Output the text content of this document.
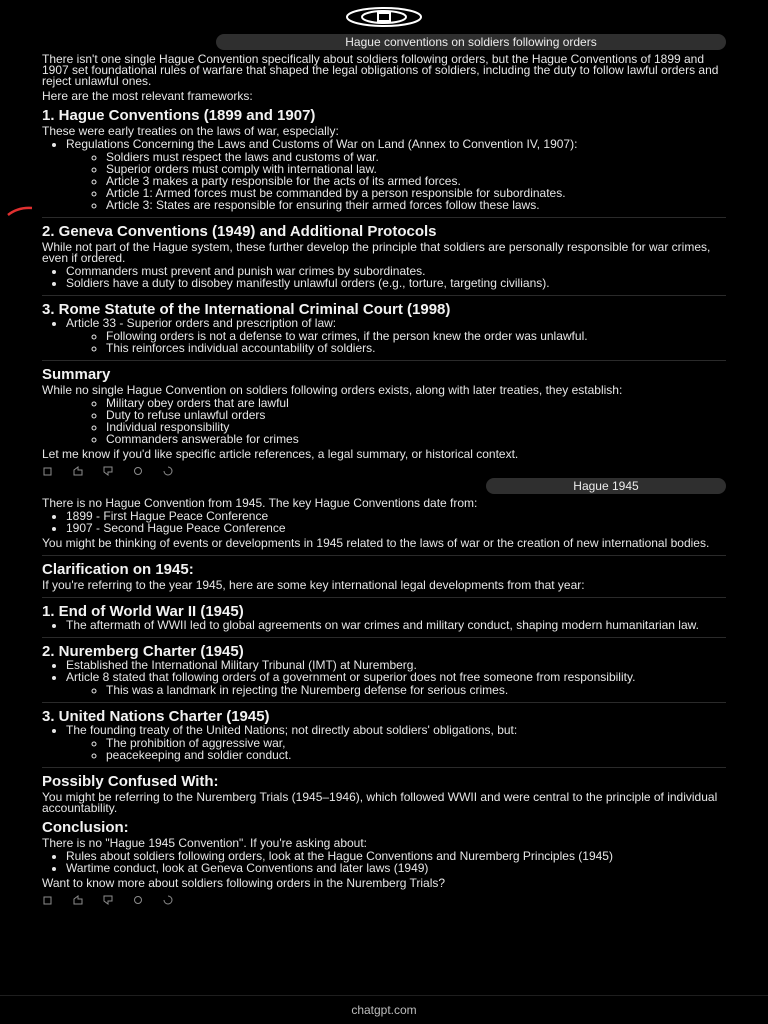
Hague conventions on soldiers following orders

There isn't one single Hague Convention specifically about soldiers following orders, but the Hague Conventions of 1899 and 1907 set foundational rules of warfare that shaped the legal obligations of soldiers, including the duty to follow lawful orders and reject unlawful ones.

Here are the most relevant frameworks:

1. Hague Conventions (1899 and 1907)

These were early treaties on the laws of war, especially:

• Regulations Concerning the Laws and Customs of War on Land (Annex to Convention IV, 1907):
◦ Soldiers must respect the laws and customs of war.
◦ Superior orders must comply with international law.
◦ Article 3 makes a party responsible for the acts of its armed forces.
◦ Article 1: Armed forces must be commanded by a person responsible for subordinates.
◦ Article 3: States are responsible for ensuring their armed forces follow these laws.
2. Geneva Conventions (1949) and Additional Protocols

While not part of the Hague system, these further develop the principle that soldiers are personally responsible for war crimes, even if ordered.

• Commanders must prevent and punish war crimes by subordinates.
• Soldiers have a duty to disobey manifestly unlawful orders (e.g., torture, targeting civilians).
3. Rome Statute of the International Criminal Court (1998)
• Article 33 - Superior orders and prescription of law:
◦ Following orders is not a defense to war crimes, if the person knew the order was unlawful.
◦ This reinforces individual accountability of soldiers.
Summary

While no single Hague Convention on soldiers following orders exists, along with later treaties, they establish:

◦ Military obey orders that are lawful
◦ Duty to refuse unlawful orders
◦ Individual responsibility
◦ Commanders answerable for crimes

Let me know if you'd like specific article references, a legal summary, or historical context.

Hague 1945

There is no Hague Convention from 1945. The key Hague Conventions date from:

• 1899 - First Hague Peace Conference
• 1907 - Second Hague Peace Conference

You might be thinking of events or developments in 1945 related to the laws of war or the creation of new international bodies.

Clarification on 1945:

If you're referring to the year 1945, here are some key international legal developments from that year:

1. End of World War II (1945)
• The aftermath of WWII led to global agreements on war crimes and military conduct, shaping modern humanitarian law.
2. Nuremberg Charter (1945)
• Established the International Military Tribunal (IMT) at Nuremberg.
• Article 8 stated that following orders of a government or superior does not free someone from responsibility.
◦ This was a landmark in rejecting the Nuremberg defense for serious crimes.
3. United Nations Charter (1945)
• The founding treaty of the United Nations; not directly about soldiers' obligations, but:
◦ The prohibition of aggressive war,
◦ peacekeeping and soldier conduct.
Possibly Confused With:

You might be referring to the Nuremberg Trials (1945–1946), which followed WWII and were central to the principle of individual accountability.

Conclusion:

There is no "Hague 1945 Convention". If you're asking about:

• Rules about soldiers following orders, look at the Hague Conventions and Nuremberg Principles (1945)
• Wartime conduct, look at Geneva Conventions and later laws (1949)

Want to know more about soldiers following orders in the Nuremberg Trials?

chatgpt.com
